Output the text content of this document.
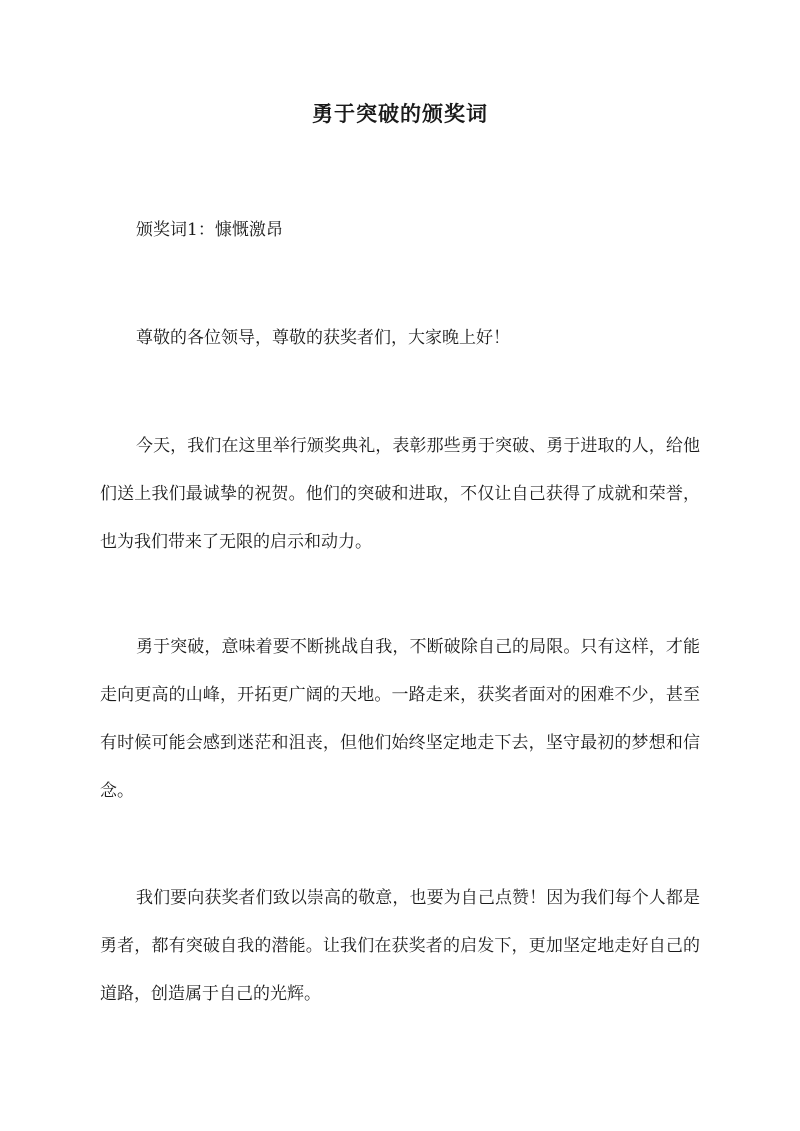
勇于突破的颁奖词

颁奖词1：慷慨激昂

尊敬的各位领导，尊敬的获奖者们，大家晚上好！

今天，我们在这里举行颁奖典礼，表彰那些勇于突破、勇于进取的人，给他们送上我们最诚挚的祝贺。他们的突破和进取，不仅让自己获得了成就和荣誉，也为我们带来了无限的启示和动力。

勇于突破，意味着要不断挑战自我，不断破除自己的局限。只有这样，才能走向更高的山峰，开拓更广阔的天地。一路走来，获奖者面对的困难不少，甚至有时候可能会感到迷茫和沮丧，但他们始终坚定地走下去，坚守最初的梦想和信念。

我们要向获奖者们致以崇高的敬意，也要为自己点赞！因为我们每个人都是勇者，都有突破自我的潜能。让我们在获奖者的启发下，更加坚定地走好自己的道路，创造属于自己的光辉。
